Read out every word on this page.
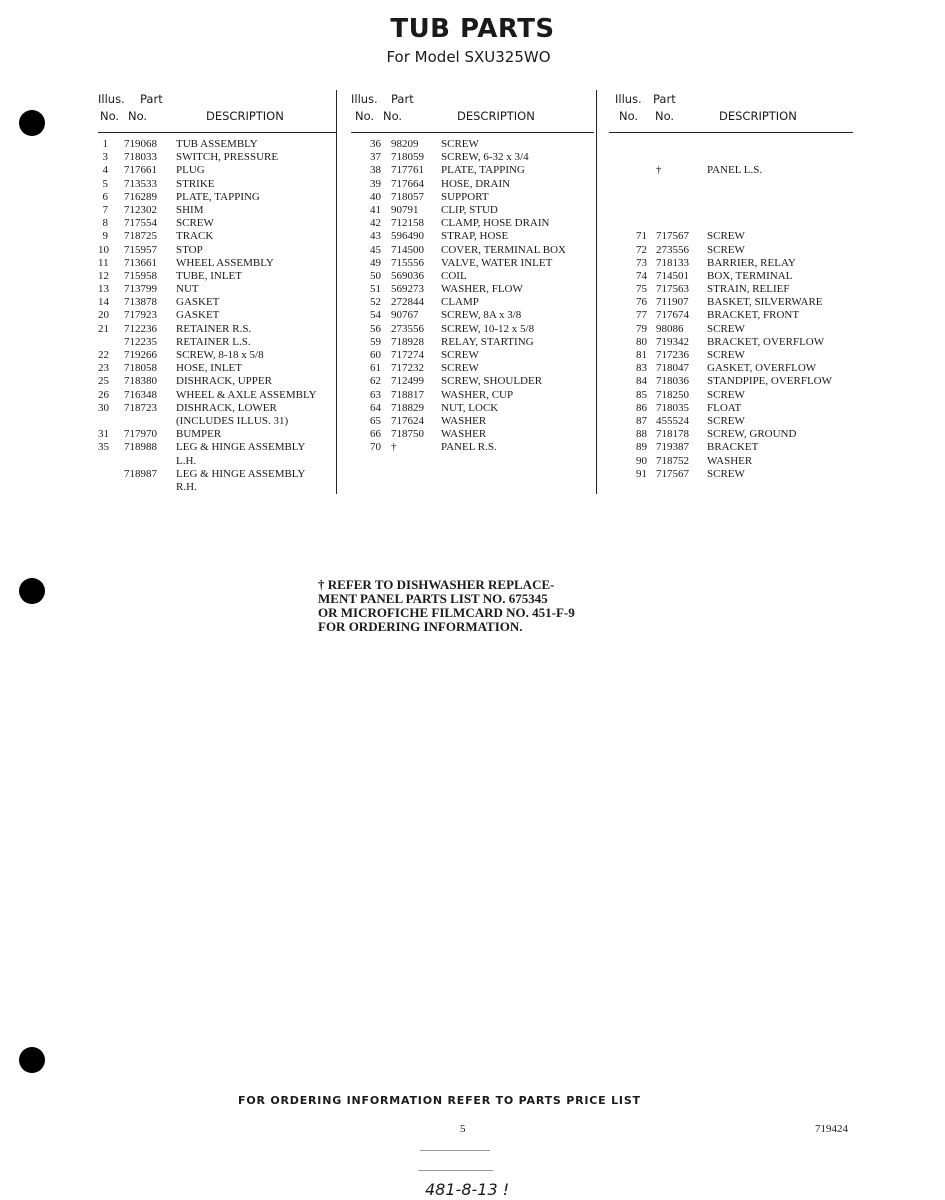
TUB PARTS
For Model SXU325WO
Illus. Part
No. No.	DESCRIPTION
1 719068 TUB ASSEMBLY
3 718033 SWITCH, PRESSURE
4 717661 PLUG
5 713533 STRIKE
6 716289 PLATE, TAPPING
7 712302 SHIM
8 717554 SCREW
9 718725 TRACK
10 715957 STOP
11 713661 WHEEL ASSEMBLY
12 715958 TUBE, INLET
13 713799 NUT
14 713878 GASKET
20 717923 GASKET
21 712236 RETAINER R.S.
712235 RETAINER L.S.
22 719266 SCREW, 8-18 x 5/8
23 718058 HOSE, INLET
25 718380 DISHRACK, UPPER
26 716348 WHEEL & AXLE ASSEMBLY
30 718723 DISHRACK, LOWER
(INCLUDES ILLUS. 31)
31 717970 BUMPER
35 718988 LEG & HINGE ASSEMBLY
L.H.
718987 LEG & HINGE ASSEMBLY
R.H.
Illus. Part
No. No.	DESCRIPTION
36 98209 SCREW
37 718059 SCREW, 6-32 x 3/4
38 717761 PLATE, TAPPING
39 717664 HOSE, DRAIN
40 718057 SUPPORT
41 90791 CLIP, STUD
42 712158 CLAMP, HOSE DRAIN
43 596490 STRAP, HOSE
45 714500 COVER, TERMINAL BOX
49 715556 VALVE, WATER INLET
50 569036 COIL
51 569273 WASHER, FLOW
52 272844 CLAMP
54 90767 SCREW, 8A x 3/8
56 273556 SCREW, 10-12 x 5/8
59 718928 RELAY, STARTING
60 717274 SCREW
61 717232 SCREW
62 712499 SCREW, SHOULDER
63 718817 WASHER, CUP
64 718829 NUT, LOCK
65 717624 WASHER
66 718750 WASHER
70 †	PANEL R.S.
Illus. Part
No. No.	DESCRIPTION
†	PANEL L.S.
71 717567 SCREW
72 273556 SCREW
73 718133 BARRIER, RELAY
74 714501 BOX, TERMINAL
75 717563 STRAIN, RELIEF
76 711907 BASKET, SILVERWARE
77 717674 BRACKET, FRONT
79 98086 SCREW
80 719342 BRACKET, OVERFLOW
81 717236 SCREW
83 718047 GASKET, OVERFLOW
84 718036 STANDPIPE, OVERFLOW
85 718250 SCREW
86 718035 FLOAT
87 455524 SCREW
88 718178 SCREW, GROUND
89 719387 BRACKET
90 718752 WASHER
91 717567 SCREW
† REFER TO DISHWASHER REPLACE-
MENT PANEL PARTS LIST NO. 675345
OR MICROFICHE FILMCARD NO. 451-F-9
FOR ORDERING INFORMATION.
FOR ORDERING INFORMATION REFER TO PARTS PRICE LIST
5	719424
481-8-13 !
